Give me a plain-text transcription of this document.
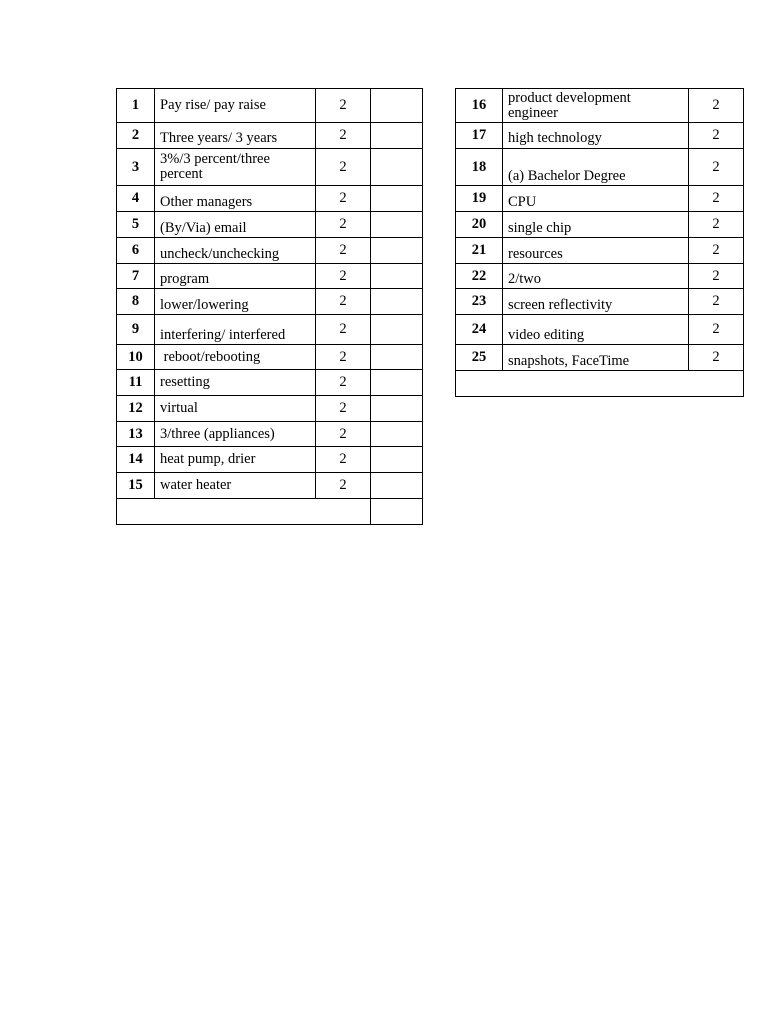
1	Pay rise/ pay raise	2	
2	Three years/ 3 years	2	
3	3%/3 percent/three percent	2	
4	Other managers	2	
5	(By/Via) email	2	
6	uncheck/unchecking	2	
7	program	2	
8	lower/lowering	2	
9	interfering/ interfered	2	
10	reboot/rebooting	2	
11	resetting	2	
12	virtual	2	
13	3/three (appliances)	2	
14	heat pump, drier	2	
15	water heater	2	

16	product development engineer	2
17	high technology	2
18	(a) Bachelor Degree	2
19	CPU	2
20	single chip	2
21	resources	2
22	2/two	2
23	screen reflectivity	2
24	video editing	2
25	snapshots, FaceTime	2
